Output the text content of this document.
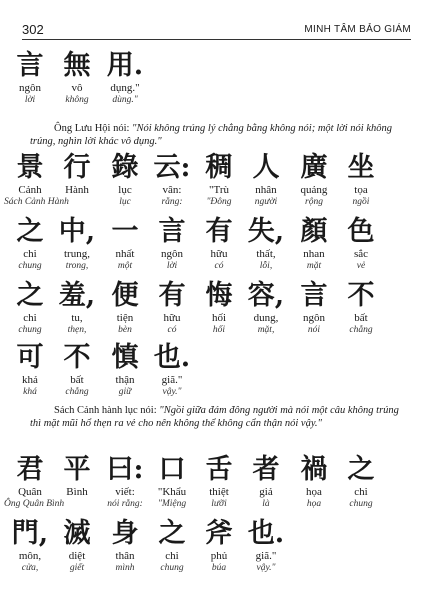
302	MINH TÂM BẢO GIÁM
言
ngôn
lời
無
vô
không
用.
dụng."
dùng."
Ông Lưu Hội nói: "Nói không trúng lý chẳng bằng không nói; một lời nói không trúng, nghìn lời khác vô dụng."
景
Cảnh
Sách Cảnh Hành
行
Hành
錄
lục
lục
云:
vân:
rằng:
稠
"Trù
"Đông
人
nhân
người
廣
quảng
rộng
坐
tọa
ngồi
之
chi
chung
中,
trung,
trong,
一
nhất
một
言
ngôn
lời
有
hữu
có
失,
thất,
lỗi,
顏
nhan
mặt
色
sắc
vẻ
之
chi
chung
羞,
tu,
thẹn,
便
tiện
bèn
有
hữu
có
悔
hối
hối
容,
dung,
mặt,
言
ngôn
nói
不
bất
chẳng
可
khả
khá
不
bất
chẳng
慎
thận
giữ
也.
giã."
vậy."
Sách Cảnh hành lục nói: "Ngồi giữa đám đông người mà nói một câu không trúng thì mặt mũi hổ thẹn ra vẻ cho nên không thể không cẩn thận nói vậy."
君
Quân
Ông Quân Bình
平
Bình
曰:
viết:
nói rằng:
口
"Khẩu
"Miệng
舌
thiệt
lưỡi
者
giả
là
禍
họa
họa
之
chi
chung
門,
môn,
cửa,
滅
diệt
giết
身
thân
mình
之
chi
chung
斧
phủ
búa
也.
giã."
vậy."
